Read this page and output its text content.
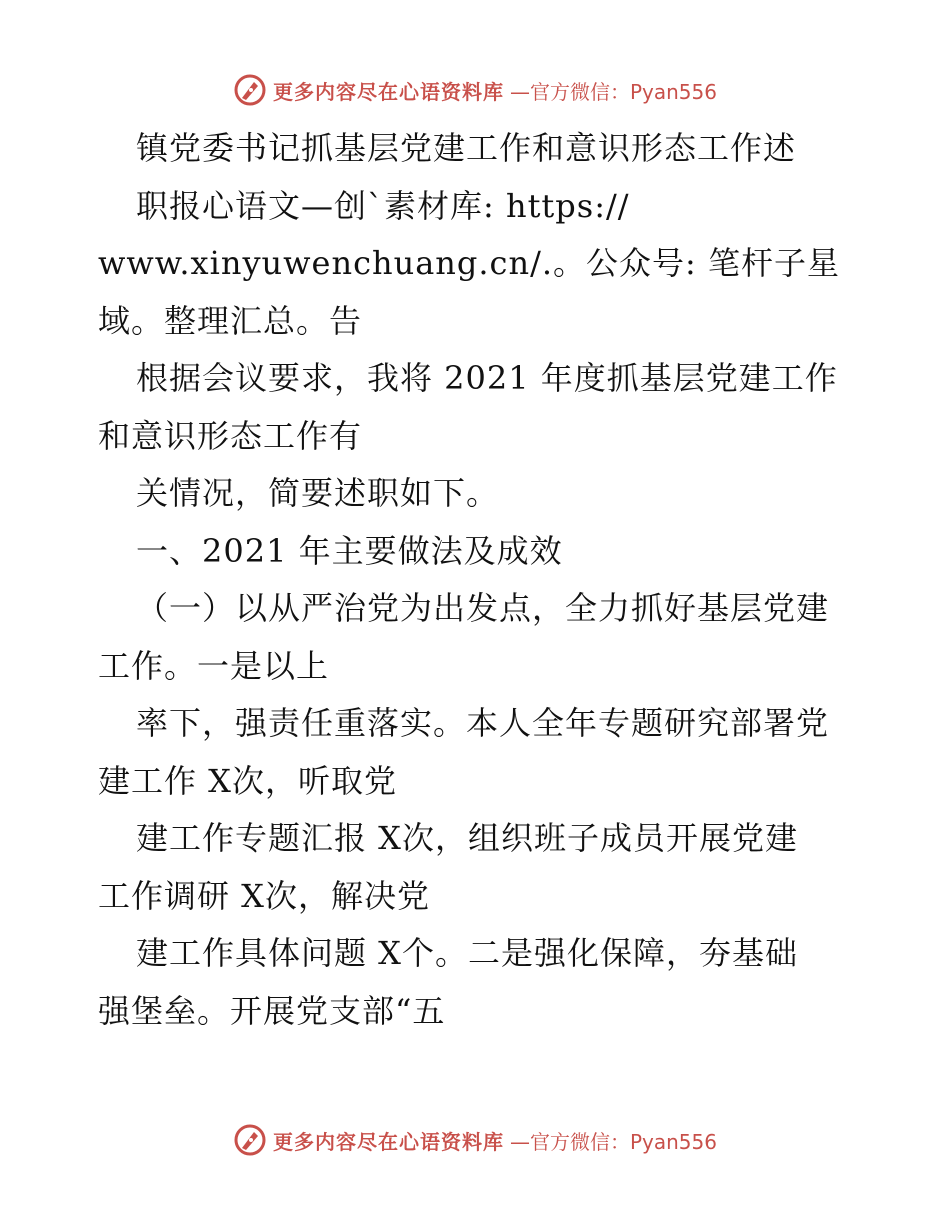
更多内容尽在心语资料库 —官方微信：Pyan556
镇党委书记抓基层党建工作和意识形态工作述
职报心语文—创`素材库: https://
www.xinyuwenchuang.cn/.。公众号: 笔杆子星
域。整理汇总。告
根据会议要求，我将 2021 年度抓基层党建工作
和意识形态工作有
关情况，简要述职如下。
一、2021 年主要做法及成效
（一）以从严治党为出发点，全力抓好基层党建
工作。一是以上
率下，强责任重落实。本人全年专题研究部署党
建工作 X次，听取党
建工作专题汇报 X次，组织班子成员开展党建
工作调研 X次，解决党
建工作具体问题 X个。二是强化保障，夯基础
强堡垒。开展党支部“五
更多内容尽在心语资料库 —官方微信：Pyan556
